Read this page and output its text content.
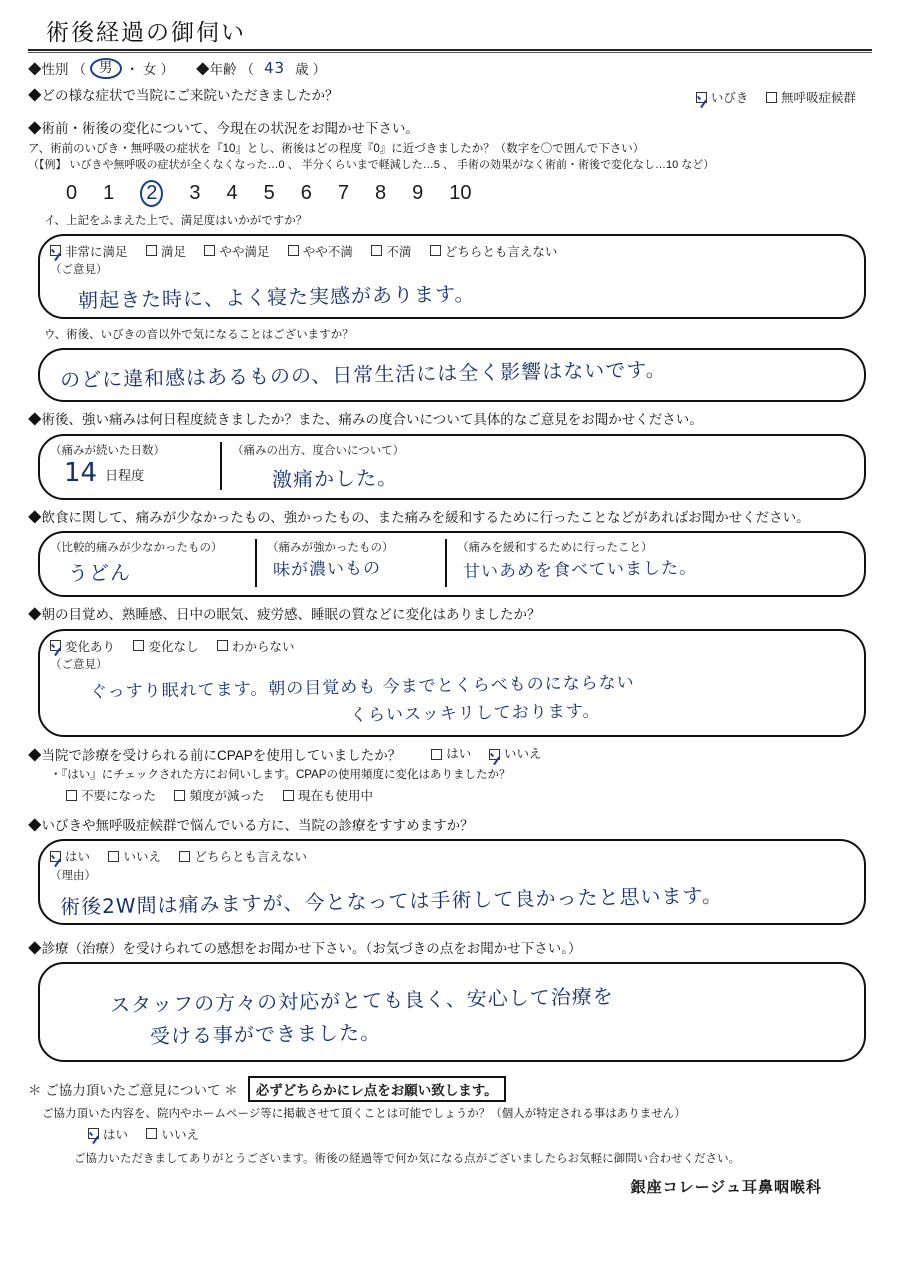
術後経過の御伺い
◆性別 （ 男 ・ 女 ） ◆年齢 （ 43 歳 ）
◆どの様な症状で当院にご来院いただきましたか？	いびき
	無呼吸症候群
◆術前・術後の変化について、今現在の状況をお聞かせ下さい。
ア、術前のいびき・無呼吸の症状を『10』とし、術後はどの程度『0』に近づきましたか？（数字を〇で囲んで下さい）
（【例】 いびきや無呼吸の症状が全くなくなった…0 、 半分くらいまで軽減した…5 、 手術の効果がなく術前・術後で変化なし…10 など）
0 1	2	3 4 5 6 7 8 9 10
イ、上記をふまえた上で、満足度はいかがですか？
非常に満足
	満足
	やや満足
	やや不満
	不満
	どちらとも言えない
（ご意見）
朝起きた時に、よく寝た実感があります。
ウ、術後、いびきの音以外で気になることはございますか？
のどに違和感はあるものの、日常生活には全く影響はないです。
◆術後、強い痛みは何日程度続きましたか？また、痛みの度合いについて具体的なご意見をお聞かせください。
（痛みが続いた日数）
14 日程度
（痛みの出方、度合いについて）
激痛かした。
◆飲食に関して、痛みが少なかったもの、強かったもの、また痛みを緩和するために行ったことなどがあればお聞かせください。
（比較的痛みが少なかったもの）
うどん
（痛みが強かったもの）
味が濃いもの
（痛みを緩和するために行ったこと）
甘いあめを食べていました。
◆朝の目覚め、熟睡感、日中の眠気、疲労感、睡眠の質などに変化はありましたか？
変化あり
	変化なし
	わからない
（ご意見）
ぐっすり眠れてます。朝の目覚めも 今までとくらべものにならない
くらいスッキリしております。
◆当院で診療を受けられる前にCPAPを使用していましたか？	はい
	いいえ
・『はい』にチェックされた方にお伺いします。CPAPの使用頻度に変化はありましたか？
不要になった
	頻度が減った
	現在も使用中
◆いびきや無呼吸症候群で悩んでいる方に、当院の診療をすすめますか？
はい
	いいえ
	どちらとも言えない
（理由）
術後2W間は痛みますが、今となっては手術して良かったと思います。
◆診療（治療）を受けられての感想をお聞かせ下さい。（お気づきの点をお聞かせ下さい。）
スタッフの方々の対応がとても良く、安心して治療を
受ける事ができました。
＊ ご協力頂いたご意見について ＊	必ずどちらかにレ点をお願い致します。
ご協力頂いた内容を、院内やホームページ等に掲載させて頂くことは可能でしょうか？（個人が特定される事はありません）
はい
	いいえ
ご協力いただきましてありがとうございます。術後の経過等で何か気になる点がございましたらお気軽に御問い合わせください。
銀座コレージュ耳鼻咽喉科
